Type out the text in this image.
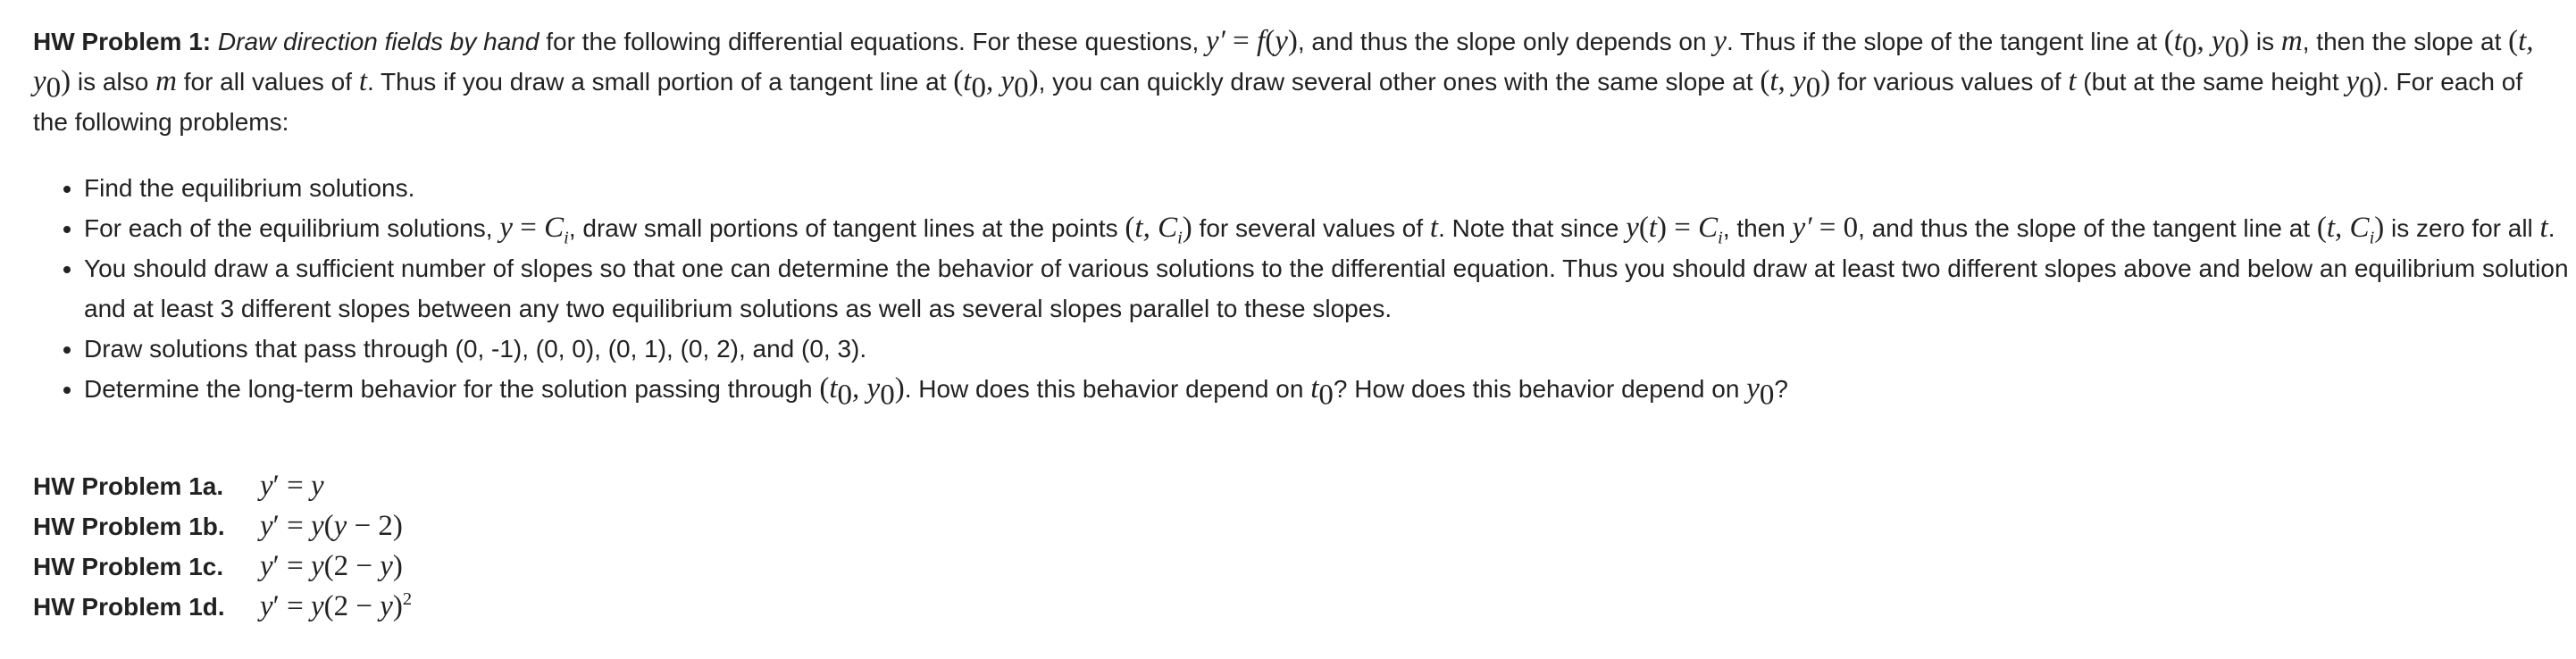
HW Problem 1: Draw direction fields by hand for the following differential equations. For these questions, y′ = f(y), and thus the slope only depends on y. Thus if the slope of the tangent line at ($t_0$, $y_0$) is m, then the slope at (t, $y_0$) is also m for all values of t. Thus if you draw a small portion of a tangent line at ($t_0$, $y_0$), you can quickly draw several other ones with the same slope at (t, $y_0$) for various values of t (but at the same height $y_0$). For each of the following problems:

• Find the equilibrium solutions.
• For each of the equilibrium solutions, $y = C_i$, draw small portions of tangent lines at the points (t, $C_i$) for several values of t. Note that since $y(t) = C_i$, then y′ = 0, and thus the slope of the tangent line at (t, $C_i$) is zero for all t.
• You should draw a sufficient number of slopes so that one can determine the behavior of various solutions to the differential equation. Thus you should draw at least two different slopes above and below an equilibrium solution and at least 3 different slopes between any two equilibrium solutions as well as several slopes parallel to these slopes.
• Draw solutions that pass through (0, -1), (0, 0), (0, 1), (0, 2), and (0, 3).
• Determine the long-term behavior for the solution passing through ($t_0$, $y_0$). How does this behavior depend on $t_0$? How does this behavior depend on $y_0$?
HW Problem 1a.	y′ = y
HW Problem 1b.	y′ = y(y − 2)
HW Problem 1c.	y′ = y(2 − y)
HW Problem 1d.	$y' = y(2 - y)^2$
